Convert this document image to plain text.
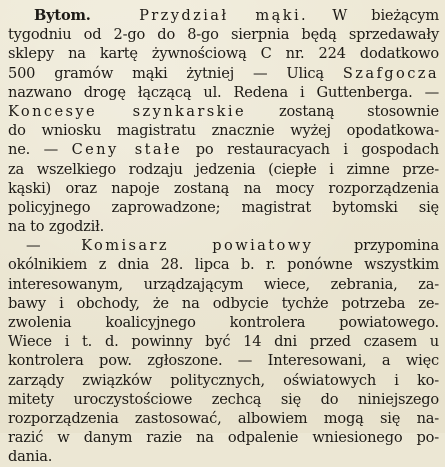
Bytom.	Przydział mąki. W bieżącym
tygodniu od 2-go do 8-go sierpnia będą sprzedawały
sklepy na kartę żywnościową C nr. 224 dodatkowo
500 gramów mąki żytniej — Ulicą Szafgocza
nazwano drogę łączącą ul. Redena i Guttenberga. —
Koncesye szynkarskie zostaną stosownie
do wniosku magistratu znacznie wyżej opodatkowa-
ne. — Ceny stałe po restauracyach i gospodach
za wszelkiego rodzaju jedzenia (ciepłe i zimne prze-
kąski) oraz napoje zostaną na mocy rozporządzenia
policyjnego zaprowadzone; magistrat bytomski się
na to zgodził.
— Komisarz powiatowy	przypomina
okólnikiem z dnia 28. lipca b. r. ponówne wszystkim
interesowanym, urządzającym wiece, zebrania, za-
bawy i obchody, że na odbycie tychże potrzeba ze-
zwolenia koalicyjnego kontrolera powiatowego.
Wiece i t. d. powinny być 14 dni przed czasem u
kontrolera pow. zgłoszone. — Interesowani, a więc
zarządy związków politycznych, oświatowych i ko-
mitety uroczystościowe zechcą się do niniejszego
rozporządzenia zastosować, albowiem mogą się na-
razić w danym razie na odpalenie wniesionego po-
dania.
